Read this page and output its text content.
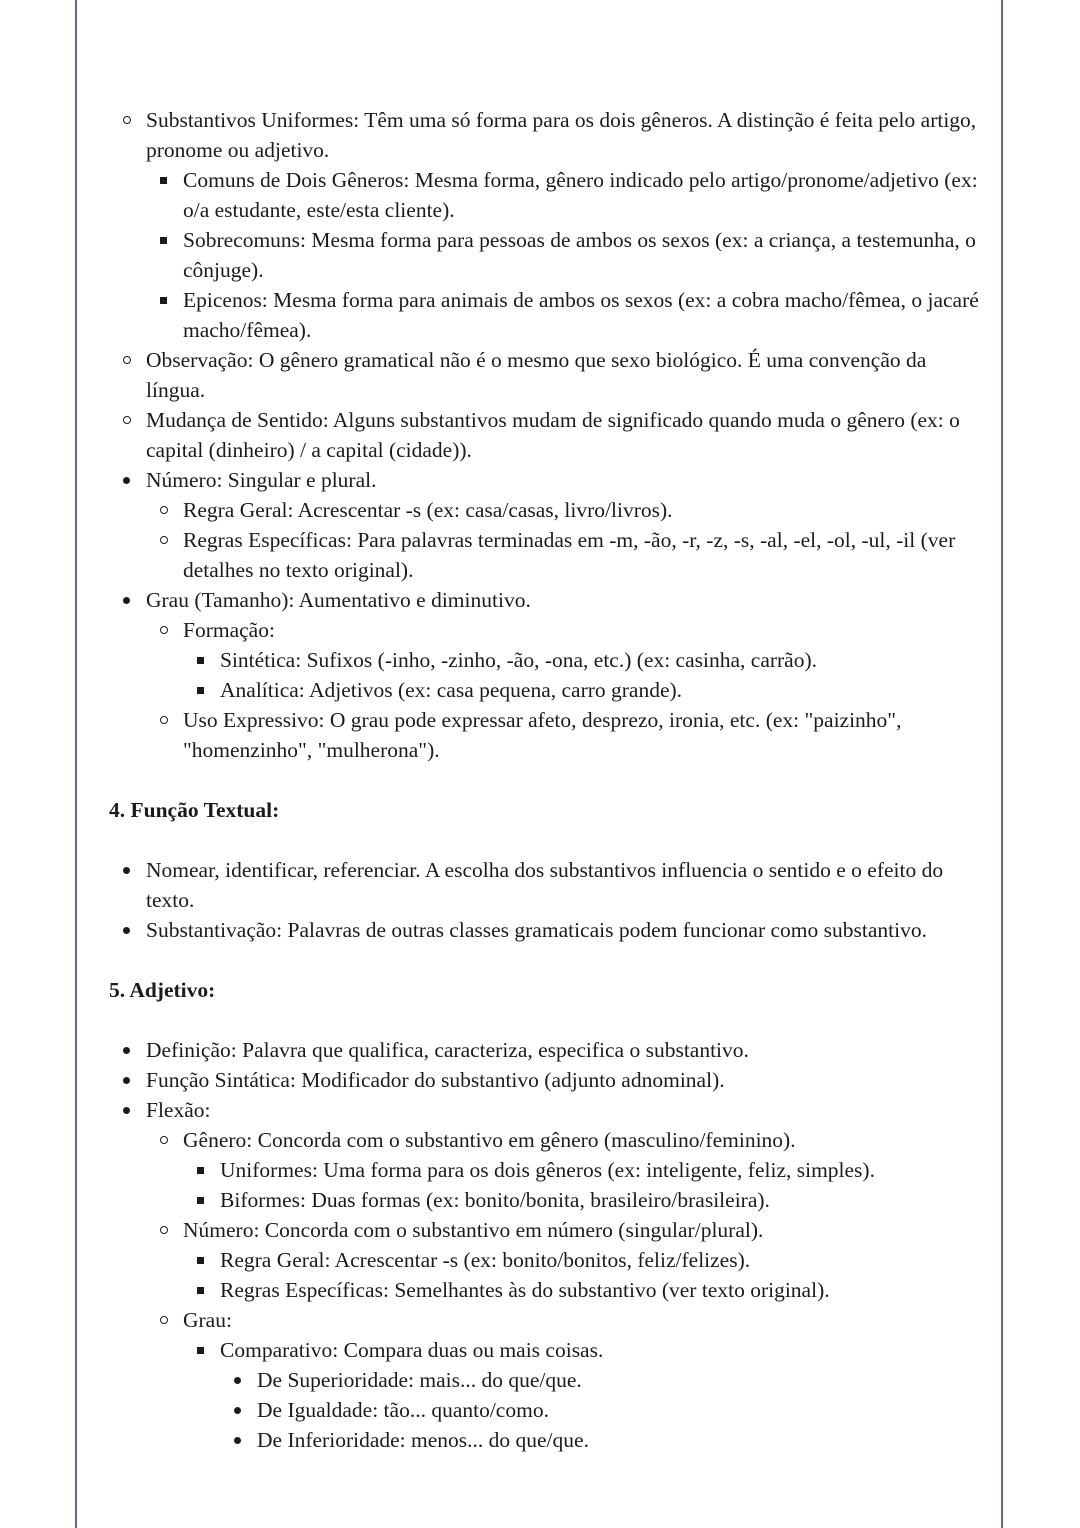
Substantivos Uniformes: Têm uma só forma para os dois gêneros. A distinção é feita pelo artigo, pronome ou adjetivo.
Comuns de Dois Gêneros: Mesma forma, gênero indicado pelo artigo/pronome/adjetivo (ex: o/a estudante, este/esta cliente).
Sobrecomuns: Mesma forma para pessoas de ambos os sexos (ex: a criança, a testemunha, o cônjuge).
Epicenos: Mesma forma para animais de ambos os sexos (ex: a cobra macho/fêmea, o jacaré macho/fêmea).
Observação: O gênero gramatical não é o mesmo que sexo biológico. É uma convenção da língua.
Mudança de Sentido: Alguns substantivos mudam de significado quando muda o gênero (ex: o capital (dinheiro) / a capital (cidade)).
Número: Singular e plural.
Regra Geral: Acrescentar -s (ex: casa/casas, livro/livros).
Regras Específicas: Para palavras terminadas em -m, -ão, -r, -z, -s, -al, -el, -ol, -ul, -il (ver detalhes no texto original).
Grau (Tamanho): Aumentativo e diminutivo.
Formação:
Sintética: Sufixos (-inho, -zinho, -ão, -ona, etc.) (ex: casinha, carrão).
Analítica: Adjetivos (ex: casa pequena, carro grande).
Uso Expressivo: O grau pode expressar afeto, desprezo, ironia, etc. (ex: "paizinho", "homenzinho", "mulherona").
4. Função Textual:
Nomear, identificar, referenciar. A escolha dos substantivos influencia o sentido e o efeito do texto.
Substantivação: Palavras de outras classes gramaticais podem funcionar como substantivo.
5. Adjetivo:
Definição: Palavra que qualifica, caracteriza, especifica o substantivo.
Função Sintática: Modificador do substantivo (adjunto adnominal).
Flexão:
Gênero: Concorda com o substantivo em gênero (masculino/feminino).
Uniformes: Uma forma para os dois gêneros (ex: inteligente, feliz, simples).
Biformes: Duas formas (ex: bonito/bonita, brasileiro/brasileira).
Número: Concorda com o substantivo em número (singular/plural).
Regra Geral: Acrescentar -s (ex: bonito/bonitos, feliz/felizes).
Regras Específicas: Semelhantes às do substantivo (ver texto original).
Grau:
Comparativo: Compara duas ou mais coisas.
De Superioridade: mais... do que/que.
De Igualdade: tão... quanto/como.
De Inferioridade: menos... do que/que.
